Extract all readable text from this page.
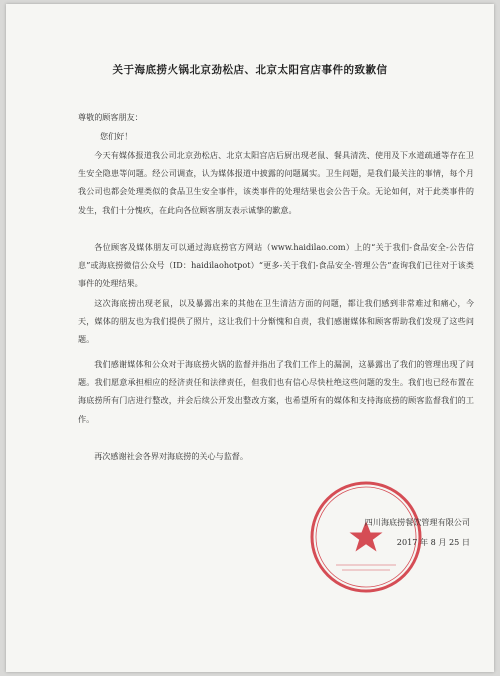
关于海底捞火锅北京劲松店、北京太阳宫店事件的致歉信
尊敬的顾客朋友：
您们好！
今天有媒体报道我公司北京劲松店、北京太阳宫店后厨出现老鼠、餐具清洗、使用及下水道疏通等存在卫生安全隐患等问题。经公司调查，认为媒体报道中披露的问题属实。卫生问题，是我们最关注的事情，每个月我公司也都会处理类似的食品卫生安全事件，该类事件的处理结果也会公告于众。无论如何，对于此类事件的发生，我们十分愧疚，在此向各位顾客朋友表示诚挚的歉意。
各位顾客及媒体朋友可以通过海底捞官方网站（www.haidilao.com）上的“关于我们-食品安全-公告信息”或海底捞微信公众号（ID：haidilaohotpot）“更多-关于我们-食品安全-管理公告”查询我们已往对于该类事件的处理结果。
这次海底捞出现老鼠，以及暴露出来的其他在卫生清洁方面的问题，都让我们感到非常难过和痛心，今天，媒体的朋友也为我们提供了照片，这让我们十分惭愧和自责，我们感谢媒体和顾客帮助我们发现了这些问题。
我们感谢媒体和公众对于海底捞火锅的监督并指出了我们工作上的漏洞，这暴露出了我们的管理出现了问题。我们愿意承担相应的经济责任和法律责任，但我们也有信心尽快杜绝这些问题的发生。我们也已经布置在海底捞所有门店进行整改，并会后续公开发出整改方案，也希望所有的媒体和支持海底捞的顾客监督我们的工作。
再次感谢社会各界对海底捞的关心与监督。
四川海底捞餐饮管理有限公司
2017 年 8 月 25 日
